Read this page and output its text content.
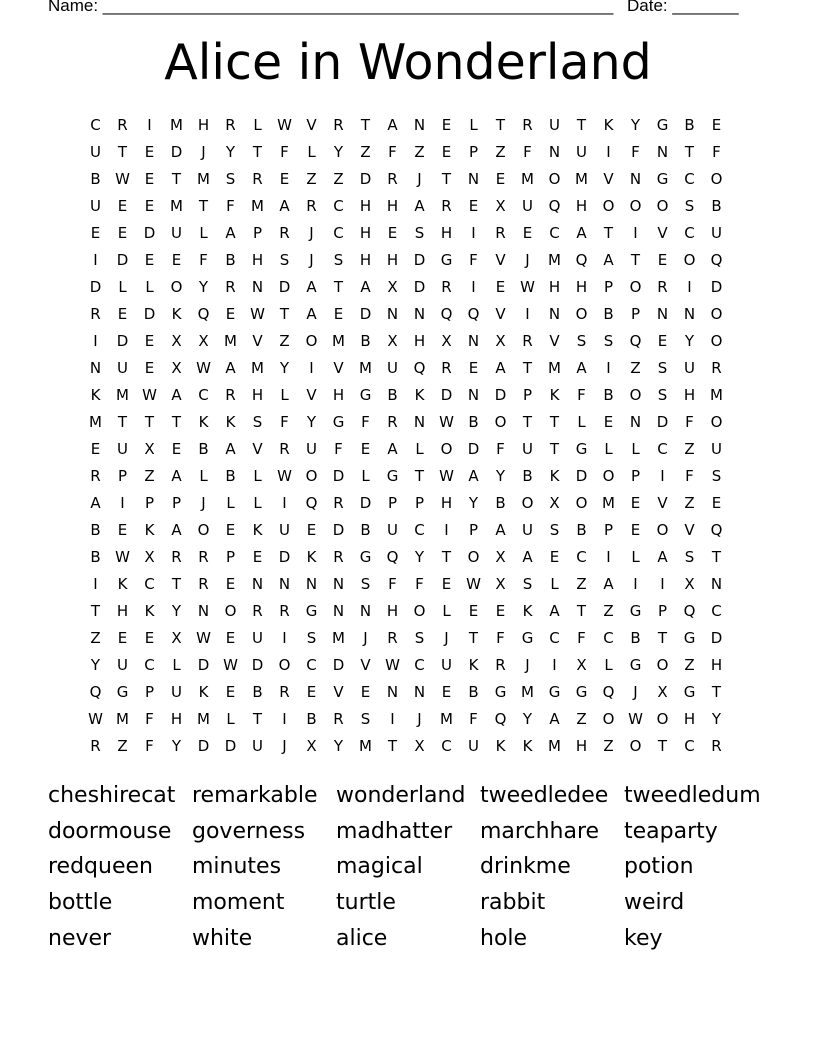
Name: ______________________________________________________

Date: _______

Alice in Wonderland
C	R	I	M H	R	L	W V	R	T	A	N	E	L	T	R	U	T	K	Y	G	B	E
U	T	E	D	J	Y	T	F	L	Y	Z	F	Z	E	P	Z	F	N	U	I	F	N	T	F
B W E	T	M	S	R	E	Z	Z	D	R	J	T	N	E	M O M	V	N	G	C	O
U	E	E	M	T	F	M	A	R	C	H	H	A	R	E	X	U	Q	H	O	O	O	S	B
E	E	D	U	L	A	P	R	J	C	H	E	S	H	I	R	E	C	A	T	I	V	C	U
I	D	E	E	F	B	H	S	J	S	H	H	D	G	F	V	J	M Q	A	T	E	O	Q
D	L	L	O	Y	R	N	D	A	T	A	X	D	R	I	E W H	H	P	O	R	I	D
R	E	D	K	Q	E W T	A	E	D	N	N	Q	Q	V	I	N	O	B	P	N	N	O
I	D	E	X	X	M	V	Z	O M	B	X	H	X	N	X	R	V	S	S	Q	E	Y	O
N	U	E	X W A	M	Y	I	V	M	U	Q	R	E	A	T	M	A	I	Z	S	U	R
K	M W A	C	R	H	L	V	H	G	B	K	D	N	D	P	K	F	B	O	S	H M
M	T	T	T	K	K	S	F	Y	G	F	R	N W B	O	T	T	L	E	N	D	F	O
E	U	X	E	B	A	V	R	U	F	E	A	L	O	D	F	U	T	G	L	L	C	Z	U
R	P	Z	A	L	B	L	W O	D	L	G	T	W A	Y	B	K	D	O	P	I	F	S
A	I	P	P	J	L	L	I	Q	R	D	P	P	H	Y	B	O	X	O M	E	V	Z	E
B	E	K	A	O	E	K	U	E	D	B	U	C	I	P	A	U	S	B	P	E	O	V	Q
B W X	R	R	P	E	D	K	R	G	Q	Y	T	O	X	A	E	C	I	L	A	S	T
I	K	C	T	R	E	N	N	N	N	S	F	F	E W X	S	L	Z	A	I	I	X	N
T	H	K	Y	N	O	R	R	G	N	N	H	O	L	E	E	K	A	T	Z	G	P	Q	C
Z	E	E	X W E	U	I	S	M	J	R	S	J	T	F	G	C	F	C	B	T	G	D
Y	U	C	L	D W D	O	C	D	V W C	U	K	R	J	I	X	L	G	O	Z	H
Q	G	P	U	K	E	B	R	E	V	E	N	N	E	B	G M G	G	Q	J	X	G	T
W M	F	H M	L	T	I	B	R	S	I	J	M	F	Q	Y	A	Z	O W O	H	Y
R	Z	F	Y	D	D	U	J	X	Y	M	T	X	C	U	K	K	M H	Z	O	T	C	R
cheshirecat remarkable wonderland tweedledee tweedledum
doormouse governess	madhatter	marchhare	teaparty
redqueen	minutes	magical	drinkme	potion
bottle	moment	turtle	rabbit	weird
never	white	alice	hole	key
